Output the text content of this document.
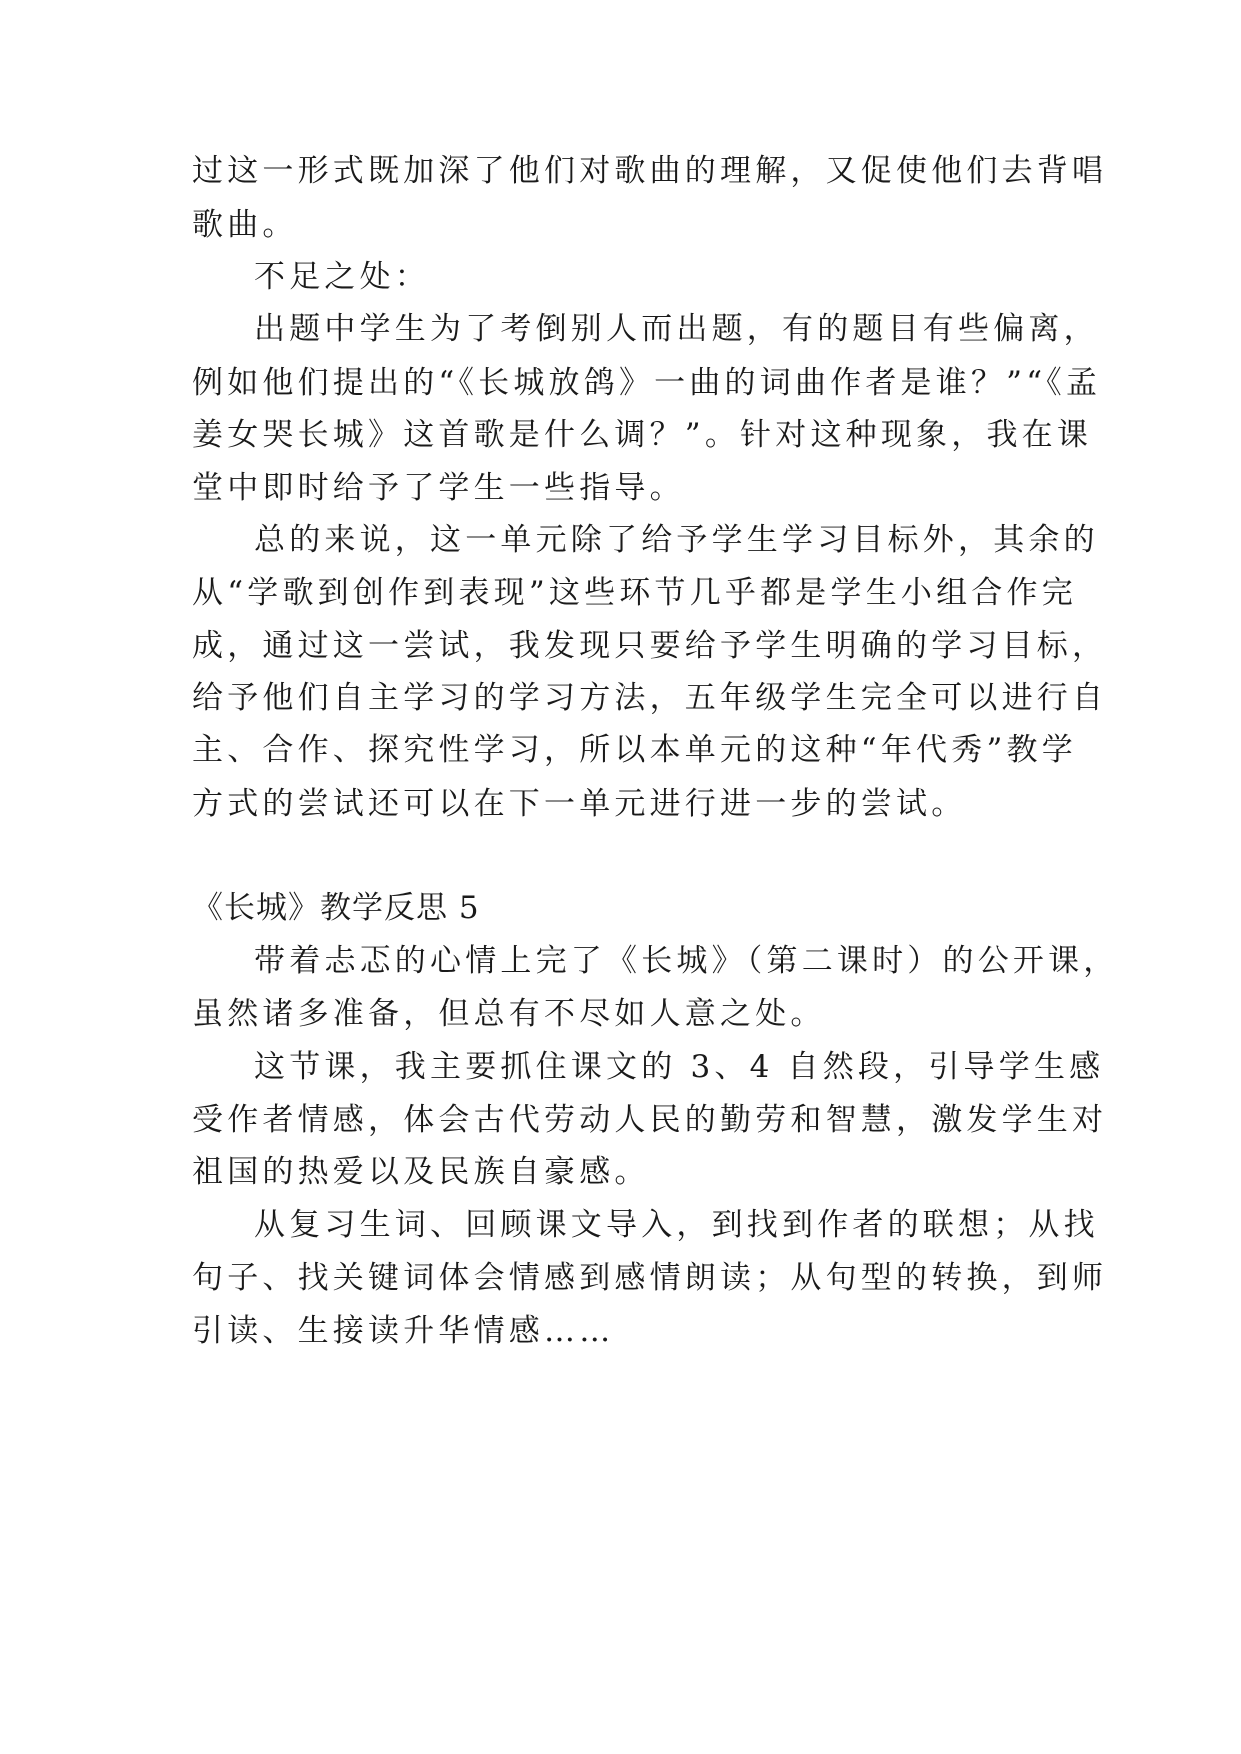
过这一形式既加深了他们对歌曲的理解，又促使他们去背唱
歌曲。
不足之处：
出题中学生为了考倒别人而出题，有的题目有些偏离，
例如他们提出的“《长城放鸽》一曲的词曲作者是谁？”“《孟
姜女哭长城》这首歌是什么调？”。针对这种现象，我在课
堂中即时给予了学生一些指导。
总的来说，这一单元除了给予学生学习目标外，其余的
从“学歌到创作到表现”这些环节几乎都是学生小组合作完
成，通过这一尝试，我发现只要给予学生明确的学习目标，
给予他们自主学习的学习方法，五年级学生完全可以进行自
主、合作、探究性学习，所以本单元的这种“年代秀”教学
方式的尝试还可以在下一单元进行进一步的尝试。
《长城》教学反思 5
带着忐忑的心情上完了《长城》（第二课时）的公开课，
虽然诸多准备，但总有不尽如人意之处。
这节课，我主要抓住课文的 3、4 自然段，引导学生感
受作者情感，体会古代劳动人民的勤劳和智慧，激发学生对
祖国的热爱以及民族自豪感。
从复习生词、回顾课文导入，到找到作者的联想；从找
句子、找关键词体会情感到感情朗读；从句型的转换，到师
引读、生接读升华情感……
